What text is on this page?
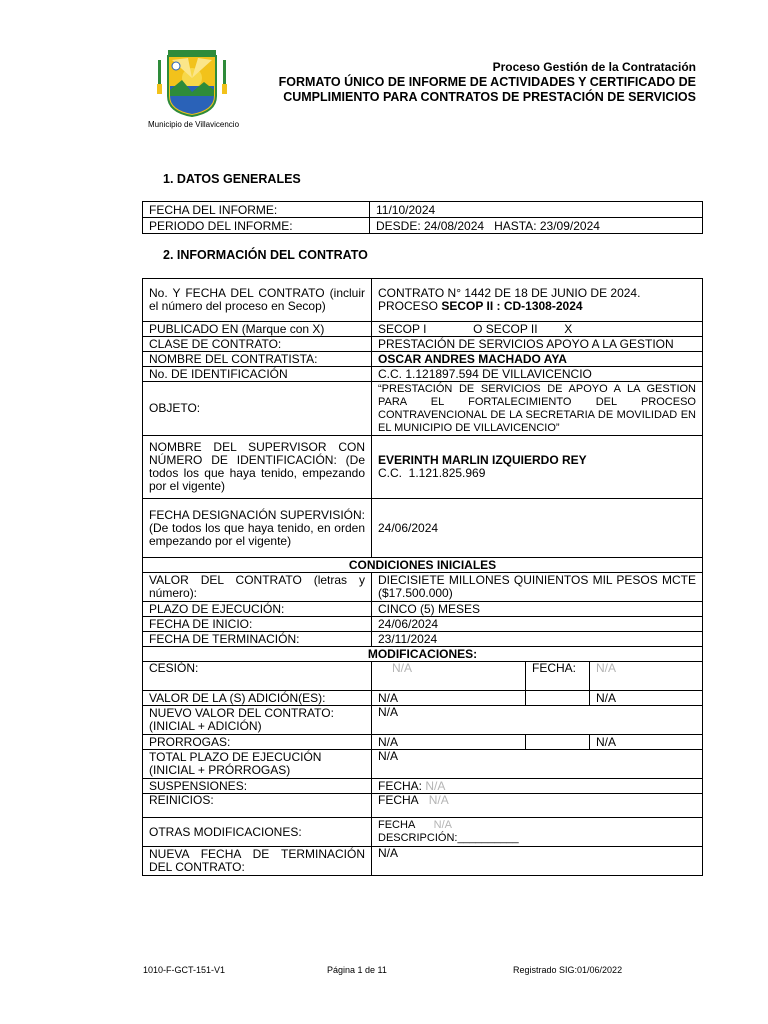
Municipio de Villavicencio
Proceso Gestión de la Contratación
FORMATO ÚNICO DE INFORME DE ACTIVIDADES Y CERTIFICADO DE
CUMPLIMIENTO PARA CONTRATOS DE PRESTACIÓN DE SERVICIOS
1. DATOS GENERALES
FECHA DEL INFORME:	11/10/2024
PERIODO DEL INFORME:	DESDE: 24/08/2024   HASTA: 23/09/2024
2. INFORMACIÓN DEL CONTRATO
No. Y FECHA DEL CONTRATO (incluir el número del proceso en Secop)	CONTRATO N° 1442 DE 18 DE JUNIO DE 2024.
PROCESO SECOP II : CD-1308-2024		

PUBLICADO EN (Marque con X)	SECOP I              O SECOP II        X		
CLASE DE CONTRATO:	PRESTACIÓN DE SERVICIOS APOYO A LA GESTION		
NOMBRE DEL CONTRATISTA:	OSCAR ANDRES MACHADO AYA		
No. DE IDENTIFICACIÓN	C.C. 1.121897.594 DE VILLAVICENCIO		
OBJETO:	“PRESTACIÓN DE SERVICIOS DE APOYO A LA GESTION PARA EL FORTALECIMIENTO DEL PROCESO CONTRAVENCIONAL DE LA SECRETARIA DE MOVILIDAD EN EL MUNICIPIO DE VILLAVICENCIO”		
NOMBRE DEL SUPERVISOR CON NÚMERO DE IDENTIFICACIÓN: (De todos los que haya tenido, empezando por el vigente)	EVERINTH MARLIN IZQUIERDO REY
C.C.  1.121.825.969		

FECHA DESIGNACIÓN SUPERVISIÓN: (De todos los que haya tenido, en orden empezando por el vigente)	24/06/2024		
CONDICIONES INICIALES			
VALOR DEL CONTRATO (letras y número):	DIECISIETE MILLONES QUINIENTOS MIL PESOS MCTE ($17.500.000)		
PLAZO DE EJECUCIÓN:	CINCO (5) MESES		
FECHA DE INICIO:	24/06/2024		
FECHA DE TERMINACIÓN:	23/11/2024		
MODIFICACIONES:			
CESIÓN:	N/A	FECHA:	N/A
VALOR DE LA (S) ADICIÓN(ES):	N/A		N/A
NUEVO VALOR DEL CONTRATO: (INICIAL + ADICIÓN)	N/A		
PRORROGAS:	N/A		N/A
TOTAL PLAZO DE EJECUCIÓN (INICIAL + PRÓRROGAS)	N/A		
SUSPENSIONES:	FECHA: N/A		
REINICIOS:	FECHA N/A		
OTRAS MODIFICACIONES:	FECHA N/A
DESCRIPCIÓN:__________		

NUEVA FECHA DE TERMINACIÓN DEL CONTRATO:	N/A		
1010-F-GCT-151-V1	Página 1 de 11	Registrado SIG:01/06/2022
